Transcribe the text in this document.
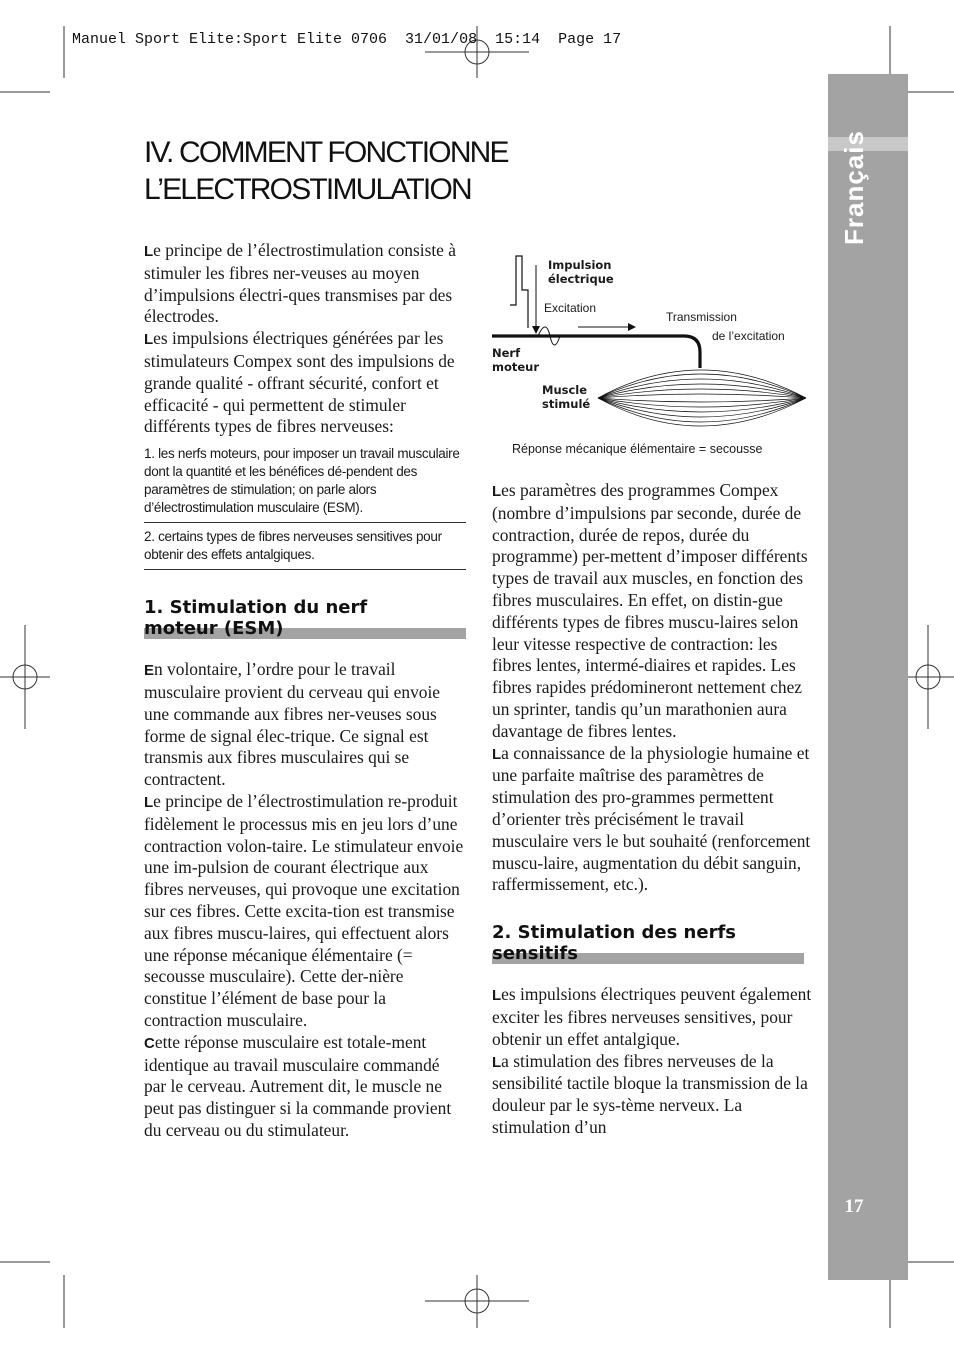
Manuel Sport Elite:Sport Elite 0706  31/01/08  15:14  Page 17
Français
17
IV. COMMENT FONCTIONNE
L’ELECTROSTIMULATION

Le principe de l’électrostimulation consiste à stimuler les fibres ner-veuses au moyen d’impulsions électri-ques transmises par des électrodes.

Les impulsions électriques générées par les stimulateurs Compex sont des impulsions de grande qualité - offrant sécurité, confort et efficacité - qui permettent de stimuler différents types de fibres nerveuses:

1. les nerfs moteurs, pour imposer un travail musculaire dont la quantité et les bénéfices dé-pendent des paramètres de stimulation; on parle alors d’électrostimulation musculaire (ESM).
2. certains types de fibres nerveuses sensitives pour obtenir des effets antalgiques.
1. Stimulation du nerf
moteur (ESM)

En volontaire, l’ordre pour le travail musculaire provient du cerveau qui envoie une commande aux fibres ner-veuses sous forme de signal élec-trique. Ce signal est transmis aux fibres musculaires qui se contractent.

Le principe de l’électrostimulation re-produit fidèlement le processus mis en jeu lors d’une contraction volon-taire. Le stimulateur envoie une im-pulsion de courant électrique aux fibres nerveuses, qui provoque une excitation sur ces fibres. Cette excita-tion est transmise aux fibres muscu-laires, qui effectuent alors une réponse mécanique élémentaire (= secousse musculaire). Cette der-nière constitue l’élément de base pour la contraction musculaire.

Cette réponse musculaire est totale-ment identique au travail musculaire commandé par le cerveau. Autrement dit, le muscle ne peut pas distinguer si la commande provient du cerveau ou du stimulateur.

Impulsion
électrique
Excitation
Transmission
de l’excitation
Nerf
moteur
Muscle
stimulé
Réponse mécanique élémentaire = secousse

Les paramètres des programmes Compex (nombre d’impulsions par seconde, durée de contraction, durée de repos, durée du programme) per-mettent d’imposer différents types de travail aux muscles, en fonction des fibres musculaires. En effet, on distin-gue différents types de fibres muscu-laires selon leur vitesse respective de contraction: les fibres lentes, intermé-diaires et rapides. Les fibres rapides prédomineront nettement chez un sprinter, tandis qu’un marathonien aura davantage de fibres lentes.

La connaissance de la physiologie humaine et une parfaite maîtrise des paramètres de stimulation des pro-grammes permettent d’orienter très précisément le travail musculaire vers le but souhaité (renforcement muscu-laire, augmentation du débit sanguin, raffermissement, etc.).

2. Stimulation des nerfs
sensitifs

Les impulsions électriques peuvent également exciter les fibres nerveuses sensitives, pour obtenir un effet antalgique.

La stimulation des fibres nerveuses de la sensibilité tactile bloque la transmission de la douleur par le sys-tème nerveux. La stimulation d’un
